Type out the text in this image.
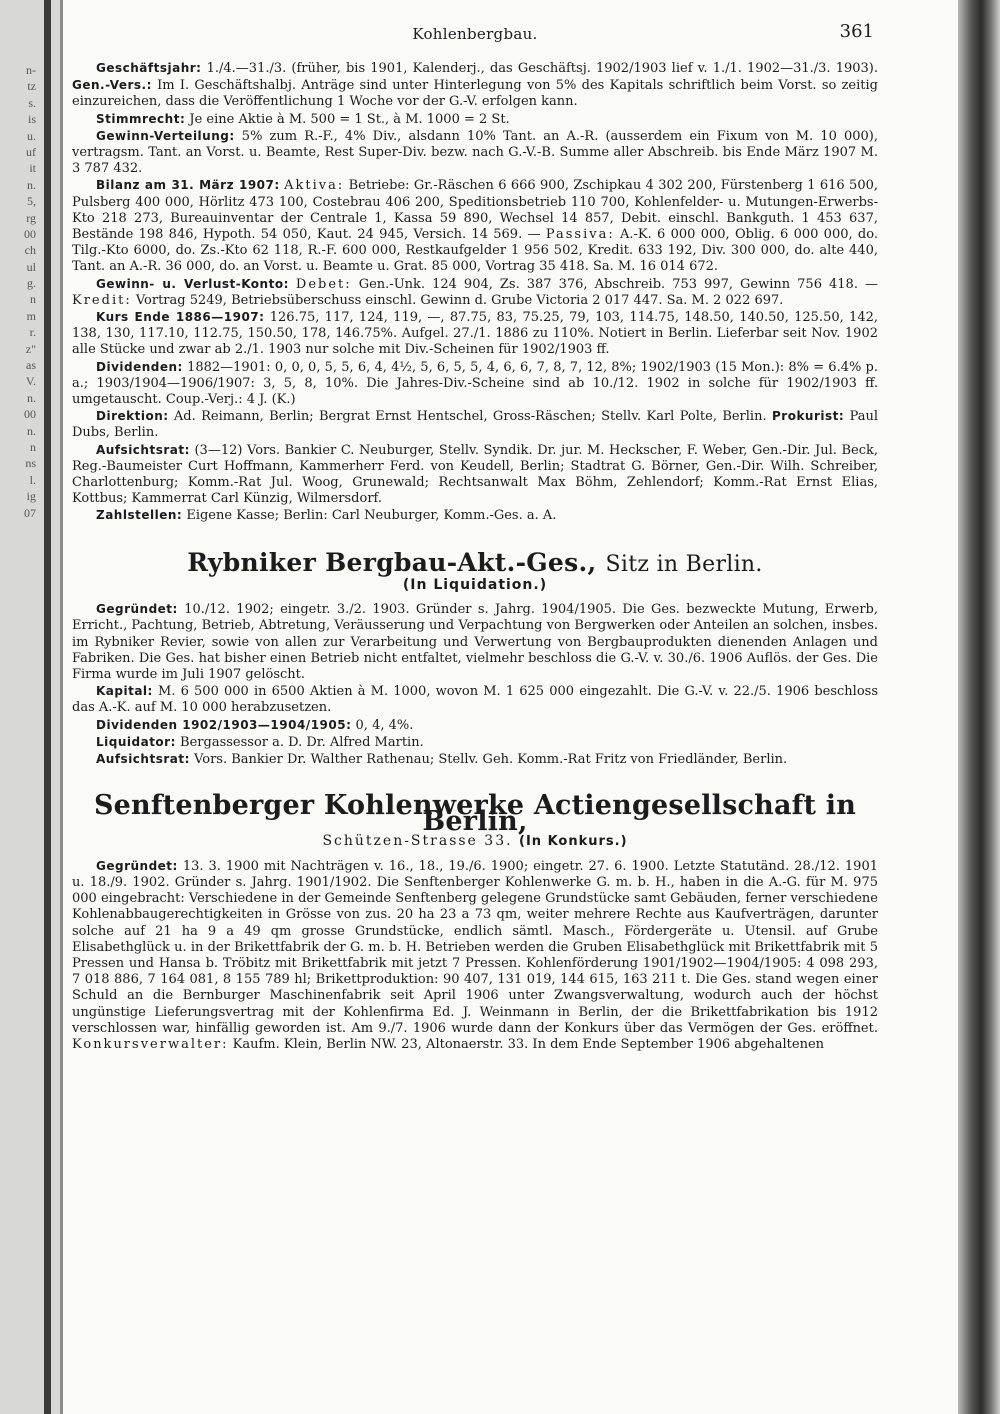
n-
tz
s.
is
u.
uf
it
n.
5,
rg
00
ch
ul
g.
n
m
r.
z"
as
V.
n.
00
n.
n
ns
l.
ig
07
Kohlenbergbau.	361

Geschäftsjahr: 1./4.—31./3. (früher, bis 1901, Kalenderj., das Geschäftsj. 1902/1903 lief v. 1./1. 1902—31./3. 1903). Gen.-Vers.: Im I. Geschäftshalbj. Anträge sind unter Hinterlegung von 5% des Kapitals schriftlich beim Vorst. so zeitig einzureichen, dass die Veröffentlichung 1 Woche vor der G.-V. erfolgen kann.

Stimmrecht: Je eine Aktie à M. 500 = 1 St., à M. 1000 = 2 St.

Gewinn-Verteilung: 5% zum R.-F., 4% Div., alsdann 10% Tant. an A.-R. (ausserdem ein Fixum von M. 10 000), vertragsm. Tant. an Vorst. u. Beamte, Rest Super-Div. bezw. nach G.-V.-B. Summe aller Abschreib. bis Ende März 1907 M. 3 787 432.

Bilanz am 31. März 1907: Aktiva: Betriebe: Gr.-Räschen 6 666 900, Zschipkau 4 302 200, Fürstenberg 1 616 500, Pulsberg 400 000, Hörlitz 473 100, Costebrau 406 200, Speditionsbetrieb 110 700, Kohlenfelder- u. Mutungen-Erwerbs-Kto 218 273, Bureauinventar der Centrale 1, Kassa 59 890, Wechsel 14 857, Debit. einschl. Bankguth. 1 453 637, Bestände 198 846, Hypoth. 54 050, Kaut. 24 945, Versich. 14 569. — Passiva: A.-K. 6 000 000, Oblig. 6 000 000, do. Tilg.-Kto 6000, do. Zs.-Kto 62 118, R.-F. 600 000, Restkaufgelder 1 956 502, Kredit. 633 192, Div. 300 000, do. alte 440, Tant. an A.-R. 36 000, do. an Vorst. u. Beamte u. Grat. 85 000, Vortrag 35 418. Sa. M. 16 014 672.

Gewinn- u. Verlust-Konto: Debet: Gen.-Unk. 124 904, Zs. 387 376, Abschreib. 753 997, Gewinn 756 418. — Kredit: Vortrag 5249, Betriebsüberschuss einschl. Gewinn d. Grube Victoria 2 017 447. Sa. M. 2 022 697.

Kurs Ende 1886—1907: 126.75, 117, 124, 119, —, 87.75, 83, 75.25, 79, 103, 114.75, 148.50, 140.50, 125.50, 142, 138, 130, 117.10, 112.75, 150.50, 178, 146.75%. Aufgel. 27./1. 1886 zu 110%. Notiert in Berlin. Lieferbar seit Nov. 1902 alle Stücke und zwar ab 2./1. 1903 nur solche mit Div.-Scheinen für 1902/1903 ff.

Dividenden: 1882—1901: 0, 0, 0, 5, 5, 6, 4, 4½, 5, 6, 5, 5, 4, 6, 6, 7, 8, 7, 12, 8%; 1902/1903 (15 Mon.): 8% = 6.4% p. a.; 1903/1904—1906/1907: 3, 5, 8, 10%. Die Jahres-Div.-Scheine sind ab 10./12. 1902 in solche für 1902/1903 ff. umgetauscht. Coup.-Verj.: 4 J. (K.)

Direktion: Ad. Reimann, Berlin; Bergrat Ernst Hentschel, Gross-Räschen; Stellv. Karl Polte, Berlin. Prokurist: Paul Dubs, Berlin.

Aufsichtsrat: (3—12) Vors. Bankier C. Neuburger, Stellv. Syndik. Dr. jur. M. Heckscher, F. Weber, Gen.-Dir. Jul. Beck, Reg.-Baumeister Curt Hoffmann, Kammerherr Ferd. von Keudell, Berlin; Stadtrat G. Börner, Gen.-Dir. Wilh. Schreiber, Charlottenburg; Komm.-Rat Jul. Woog, Grunewald; Rechtsanwalt Max Böhm, Zehlendorf; Komm.-Rat Ernst Elias, Kottbus; Kammerrat Carl Künzig, Wilmersdorf.

Zahlstellen: Eigene Kasse; Berlin: Carl Neuburger, Komm.-Ges. a. A.

Rybniker Bergbau-Akt.-Ges., Sitz in Berlin.
(In Liquidation.)

Gegründet: 10./12. 1902; eingetr. 3./2. 1903. Gründer s. Jahrg. 1904/1905. Die Ges. bezweckte Mutung, Erwerb, Erricht., Pachtung, Betrieb, Abtretung, Veräusserung und Verpachtung von Bergwerken oder Anteilen an solchen, insbes. im Rybniker Revier, sowie von allen zur Verarbeitung und Verwertung von Bergbauprodukten dienenden Anlagen und Fabriken. Die Ges. hat bisher einen Betrieb nicht entfaltet, vielmehr beschloss die G.-V. v. 30./6. 1906 Auflös. der Ges. Die Firma wurde im Juli 1907 gelöscht.

Kapital: M. 6 500 000 in 6500 Aktien à M. 1000, wovon M. 1 625 000 eingezahlt. Die G.-V. v. 22./5. 1906 beschloss das A.-K. auf M. 10 000 herabzusetzen.

Dividenden 1902/1903—1904/1905: 0, 4, 4%.

Liquidator: Bergassessor a. D. Dr. Alfred Martin.

Aufsichtsrat: Vors. Bankier Dr. Walther Rathenau; Stellv. Geh. Komm.-Rat Fritz von Friedländer, Berlin.

Senftenberger Kohlenwerke Actiengesellschaft in Berlin,
Schützen-Strasse 33. (In Konkurs.)

Gegründet: 13. 3. 1900 mit Nachträgen v. 16., 18., 19./6. 1900; eingetr. 27. 6. 1900. Letzte Statutänd. 28./12. 1901 u. 18./9. 1902. Gründer s. Jahrg. 1901/1902. Die Senftenberger Kohlenwerke G. m. b. H., haben in die A.-G. für M. 975 000 eingebracht: Verschiedene in der Gemeinde Senftenberg gelegene Grundstücke samt Gebäuden, ferner verschiedene Kohlenabbaugerechtigkeiten in Grösse von zus. 20 ha 23 a 73 qm, weiter mehrere Rechte aus Kaufverträgen, darunter solche auf 21 ha 9 a 49 qm grosse Grundstücke, endlich sämtl. Masch., Fördergeräte u. Utensil. auf Grube Elisabethglück u. in der Brikettfabrik der G. m. b. H. Betrieben werden die Gruben Elisabethglück mit Brikettfabrik mit 5 Pressen und Hansa b. Tröbitz mit Brikettfabrik mit jetzt 7 Pressen. Kohlenförderung 1901/1902—1904/1905: 4 098 293, 7 018 886, 7 164 081, 8 155 789 hl; Brikettproduktion: 90 407, 131 019, 144 615, 163 211 t. Die Ges. stand wegen einer Schuld an die Bernburger Maschinenfabrik seit April 1906 unter Zwangsverwaltung, wodurch auch der höchst ungünstige Lieferungsvertrag mit der Kohlenfirma Ed. J. Weinmann in Berlin, der die Brikettfabrikation bis 1912 verschlossen war, hinfällig geworden ist. Am 9./7. 1906 wurde dann der Konkurs über das Vermögen der Ges. eröffnet. Konkursverwalter: Kaufm. Klein, Berlin NW. 23, Altonaerstr. 33. In dem Ende September 1906 abgehaltenen
